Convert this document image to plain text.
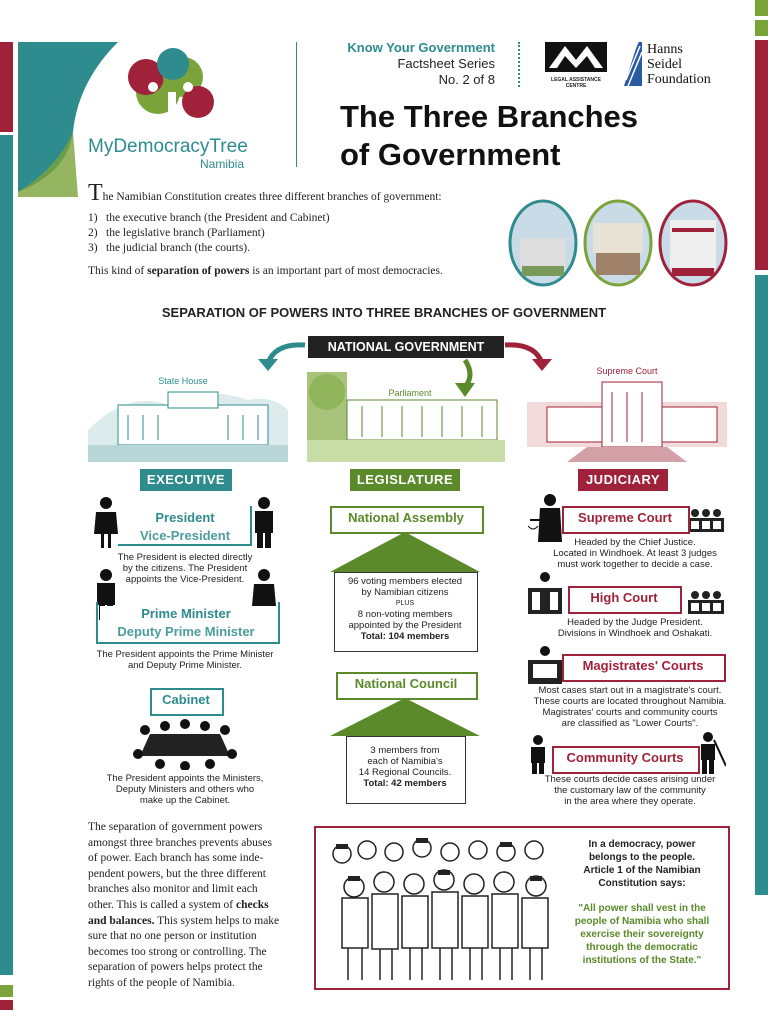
MyDemocracyTree
Namibia
Know Your Government
Factsheet Series
No. 2 of 8	LEGAL ASSISTANCE CENTRE
Hanns
Seidel
Foundation
The Three Branches
of Government
The Namibian Constitution creates three different branches of government:
1) the executive branch (the President and Cabinet)
2) the legislative branch (Parliament)
3) the judicial branch (the courts).
This kind of separation of powers is an important part of most democracies.
SEPARATION OF POWERS INTO THREE BRANCHES OF GOVERNMENT
NATIONAL GOVERNMENT
State House
Parliament
Supreme Court
EXECUTIVE	LEGISLATURE	JUDICIARY
President
Vice-President
The President is elected directly
by the citizens. The President
appoints the Vice-President.
Prime Minister
Deputy Prime Minister
The President appoints the Prime Minister
and Deputy Prime Minister.
Cabinet
The President appoints the Ministers,
Deputy Ministers and others who
make up the Cabinet.
National Assembly
96 voting members elected
by Namibian citizens
PLUS
8 non-voting members
appointed by the President
Total: 104 members
National Council
3 members from
each of Namibia's
14 Regional Councils.
Total: 42 members
Supreme Court
Headed by the Chief Justice.
Located in Windhoek. At least 3 judges
must work together to decide a case.
High Court
Headed by the Judge President.
Divisions in Windhoek and Oshakati.
Magistrates' Courts
Most cases start out in a magistrate's court.
These courts are located throughout Namibia.
Magistrates' courts and community courts
are classified as "Lower Courts".
Community Courts
These courts decide cases arising under
the customary law of the community
in the area where they operate.
The separation of government powers
amongst three branches prevents abuses
of power. Each branch has some inde-
pendent powers, but the three different
branches also monitor and limit each
other. This is called a system of checks
and balances. This system helps to make
sure that no one person or institution
becomes too strong or controlling. The
separation of powers helps protect the
rights of the people of Namibia.
In a democracy, power
belongs to the people.
Article 1 of the Namibian
Constitution says:
"All power shall vest in the
people of Namibia who shall
exercise their sovereignty
through the democratic
institutions of the State."
